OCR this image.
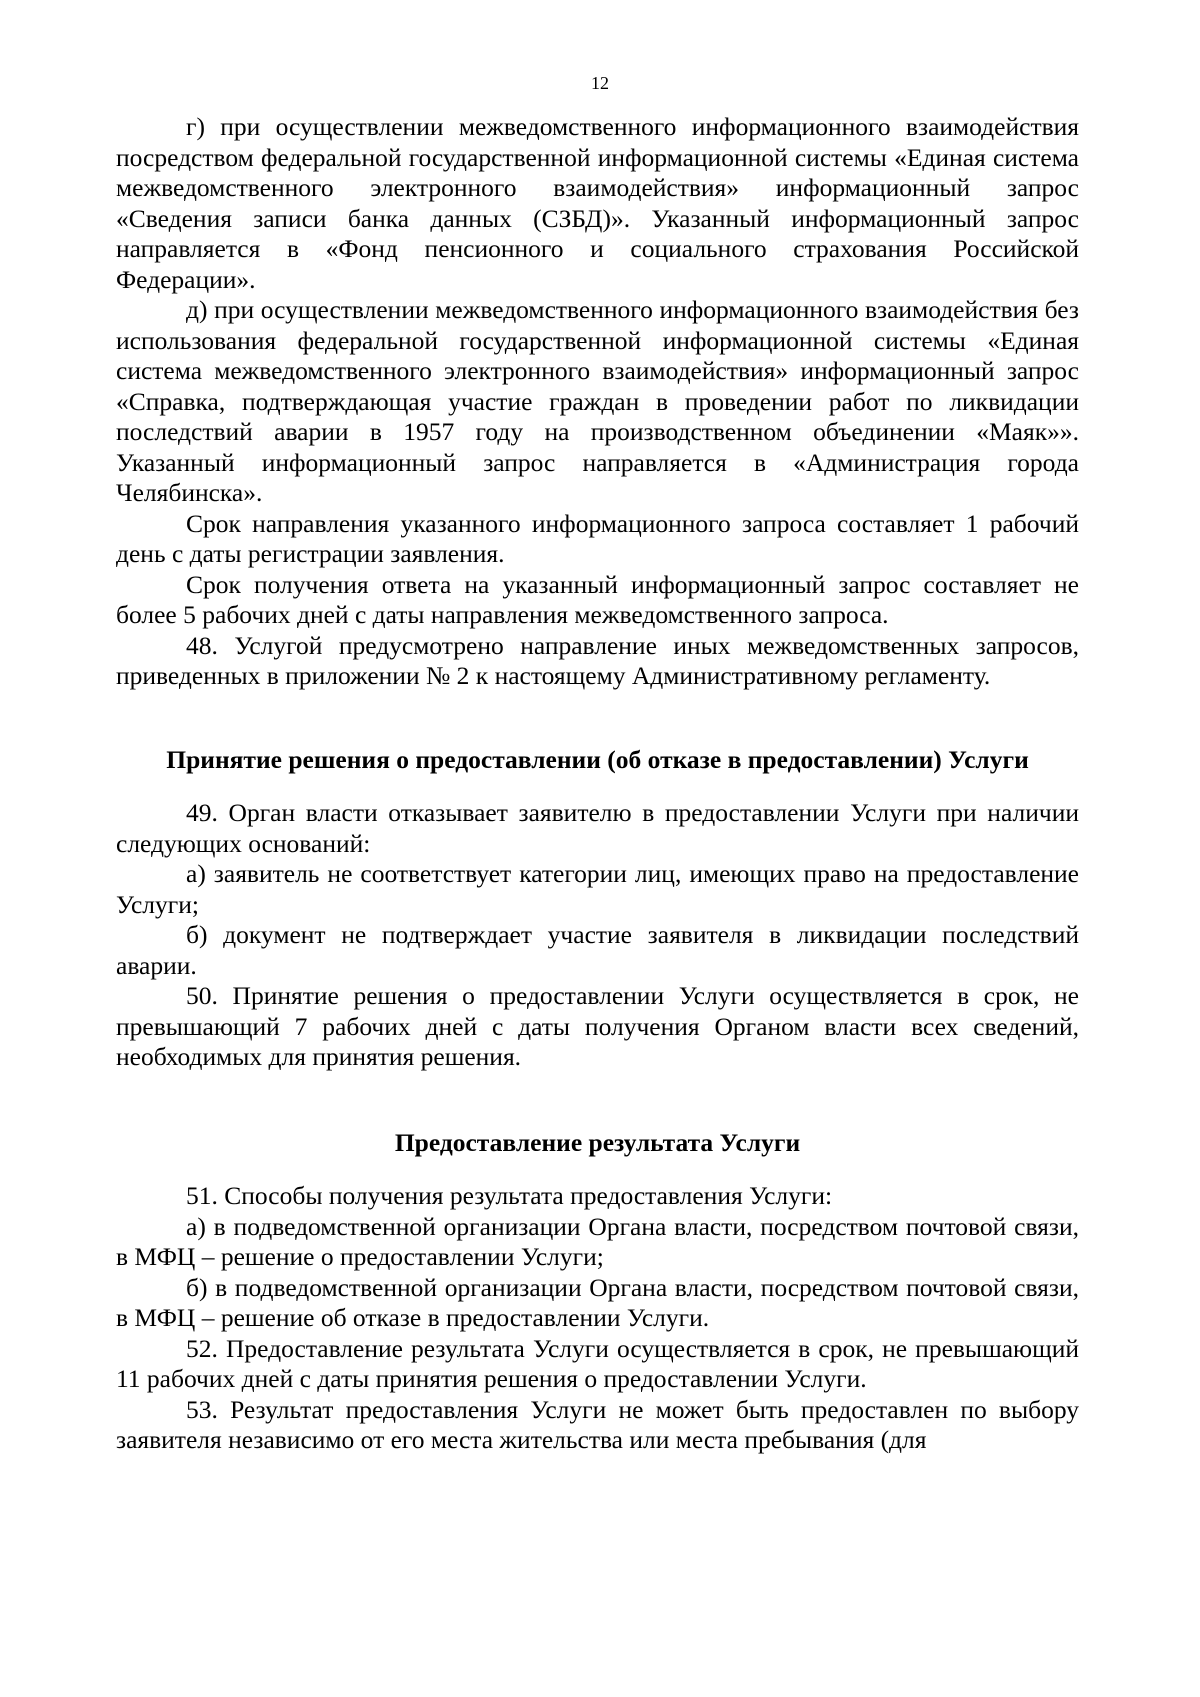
12

г) при осуществлении межведомственного информационного взаимодействия посредством федеральной государственной информационной системы «Единая система межведомственного электронного взаимодействия» информационный запрос «Сведения записи банка данных (СЗБД)». Указанный информационный запрос направляется в «Фонд пенсионного и социального страхования Российской Федерации».

д) при осуществлении межведомственного информационного взаимодействия без использования федеральной государственной информационной системы «Единая система межведомственного электронного взаимодействия» информационный запрос «Справка, подтверждающая участие граждан в проведении работ по ликвидации последствий аварии в 1957 году на производственном объединении «Маяк»». Указанный информационный запрос направляется в «Администрация города Челябинска».

Срок направления указанного информационного запроса составляет 1 рабочий день с даты регистрации заявления.

Срок получения ответа на указанный информационный запрос составляет не более 5 рабочих дней с даты направления межведомственного запроса.

48. Услугой предусмотрено направление иных межведомственных запросов, приведенных в приложении № 2 к настоящему Административному регламенту.

Принятие решения о предоставлении (об отказе в предоставлении) Услуги

49. Орган власти отказывает заявителю в предоставлении Услуги при наличии следующих оснований:

а) заявитель не соответствует категории лиц, имеющих право на предоставление Услуги;

б) документ не подтверждает участие заявителя в ликвидации последствий аварии.

50. Принятие решения о предоставлении Услуги осуществляется в срок, не превышающий 7 рабочих дней с даты получения Органом власти всех сведений, необходимых для принятия решения.

Предоставление результата Услуги

51. Способы получения результата предоставления Услуги:

а) в подведомственной организации Органа власти, посредством почтовой связи, в МФЦ – решение о предоставлении Услуги;

б) в подведомственной организации Органа власти, посредством почтовой связи, в МФЦ – решение об отказе в предоставлении Услуги.

52. Предоставление результата Услуги осуществляется в срок, не превышающий 11 рабочих дней с даты принятия решения о предоставлении Услуги.

53. Результат предоставления Услуги не может быть предоставлен по выбору заявителя независимо от его места жительства или места пребывания (для
